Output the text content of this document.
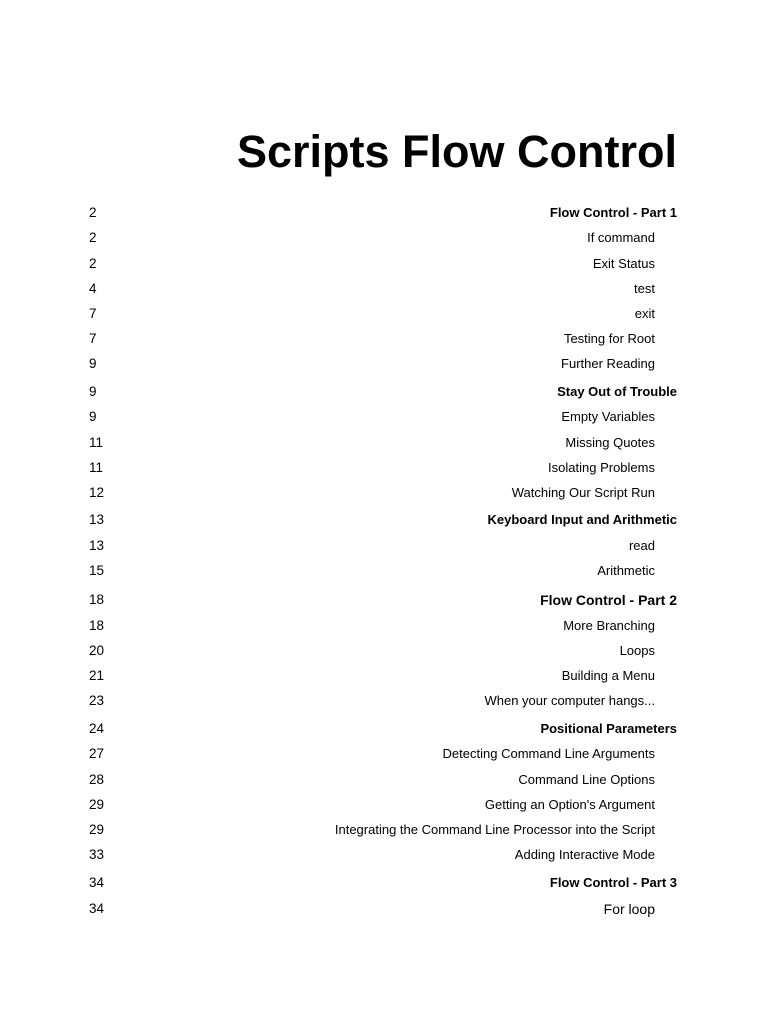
Scripts Flow Control
2	Flow Control - Part 1
2	If command
2	Exit Status
4	test
7	exit
7	Testing for Root
9	Further Reading
9	Stay Out of Trouble
9	Empty Variables
11	Missing Quotes
11	Isolating Problems
12	Watching Our Script Run
13	Keyboard Input and Arithmetic
13	read
15	Arithmetic
18	Flow Control - Part 2
18	More Branching
20	Loops
21	Building a Menu
23	When your computer hangs...
24	Positional Parameters
27	Detecting Command Line Arguments
28	Command Line Options
29	Getting an Option's Argument
29	Integrating the Command Line Processor into the Script
33	Adding Interactive Mode
34	Flow Control - Part 3
34	For loop
